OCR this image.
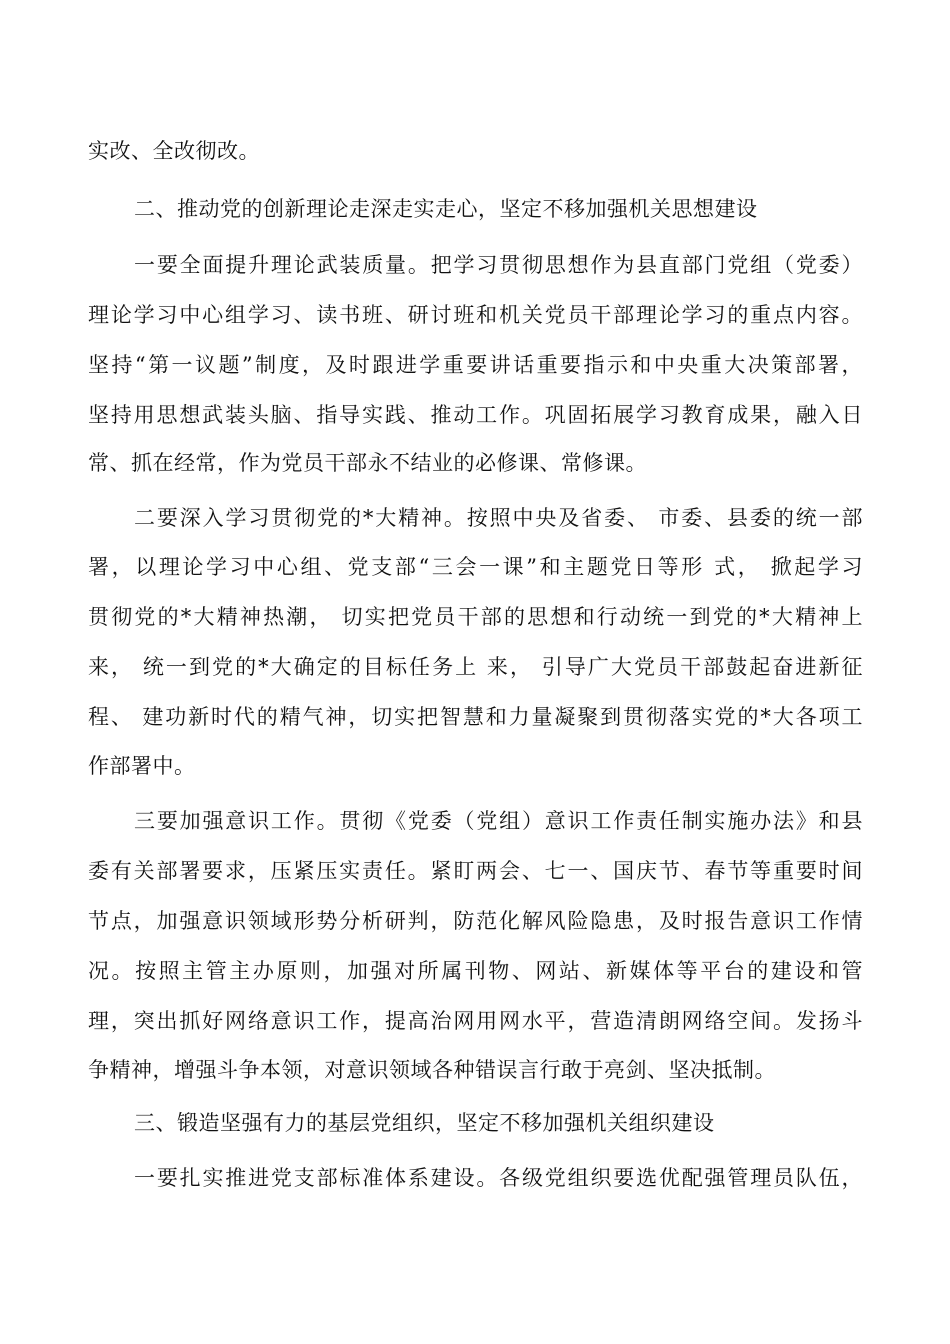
实改、全改彻改。
二、推动党的创新理论走深走实走心，坚定不移加强机关思想建设
一要全面提升理论武装质量。把学习贯彻思想作为县直部门党组（党委）
理论学习中心组学习、读书班、研讨班和机关党员干部理论学习的重点内容。
坚持“第一议题”制度，及时跟进学重要讲话重要指示和中央重大决策部署，
坚持用思想武装头脑、指导实践、推动工作。巩固拓展学习教育成果，融入日
常、抓在经常，作为党员干部永不结业的必修课、常修课。
二要深入学习贯彻党的*大精神。按照中央及省委、 市委、县委的统一部
署，以理论学习中心组、党支部“三会一课”和主题党日等形 式， 掀起学习
贯彻党的*大精神热潮， 切实把党员干部的思想和行动统一到党的*大精神上
来， 统一到党的*大确定的目标任务上 来， 引导广大党员干部鼓起奋进新征
程、 建功新时代的精气神，切实把智慧和力量凝聚到贯彻落实党的*大各项工
作部署中。
三要加强意识工作。贯彻《党委（党组）意识工作责任制实施办法》和县
委有关部署要求，压紧压实责任。紧盯两会、七一、国庆节、春节等重要时间
节点，加强意识领域形势分析研判，防范化解风险隐患，及时报告意识工作情
况。按照主管主办原则，加强对所属刊物、网站、新媒体等平台的建设和管
理，突出抓好网络意识工作，提高治网用网水平，营造清朗网络空间。发扬斗
争精神，增强斗争本领，对意识领域各种错误言行敢于亮剑、坚决抵制。
三、锻造坚强有力的基层党组织，坚定不移加强机关组织建设
一要扎实推进党支部标准体系建设。各级党组织要选优配强管理员队伍，
